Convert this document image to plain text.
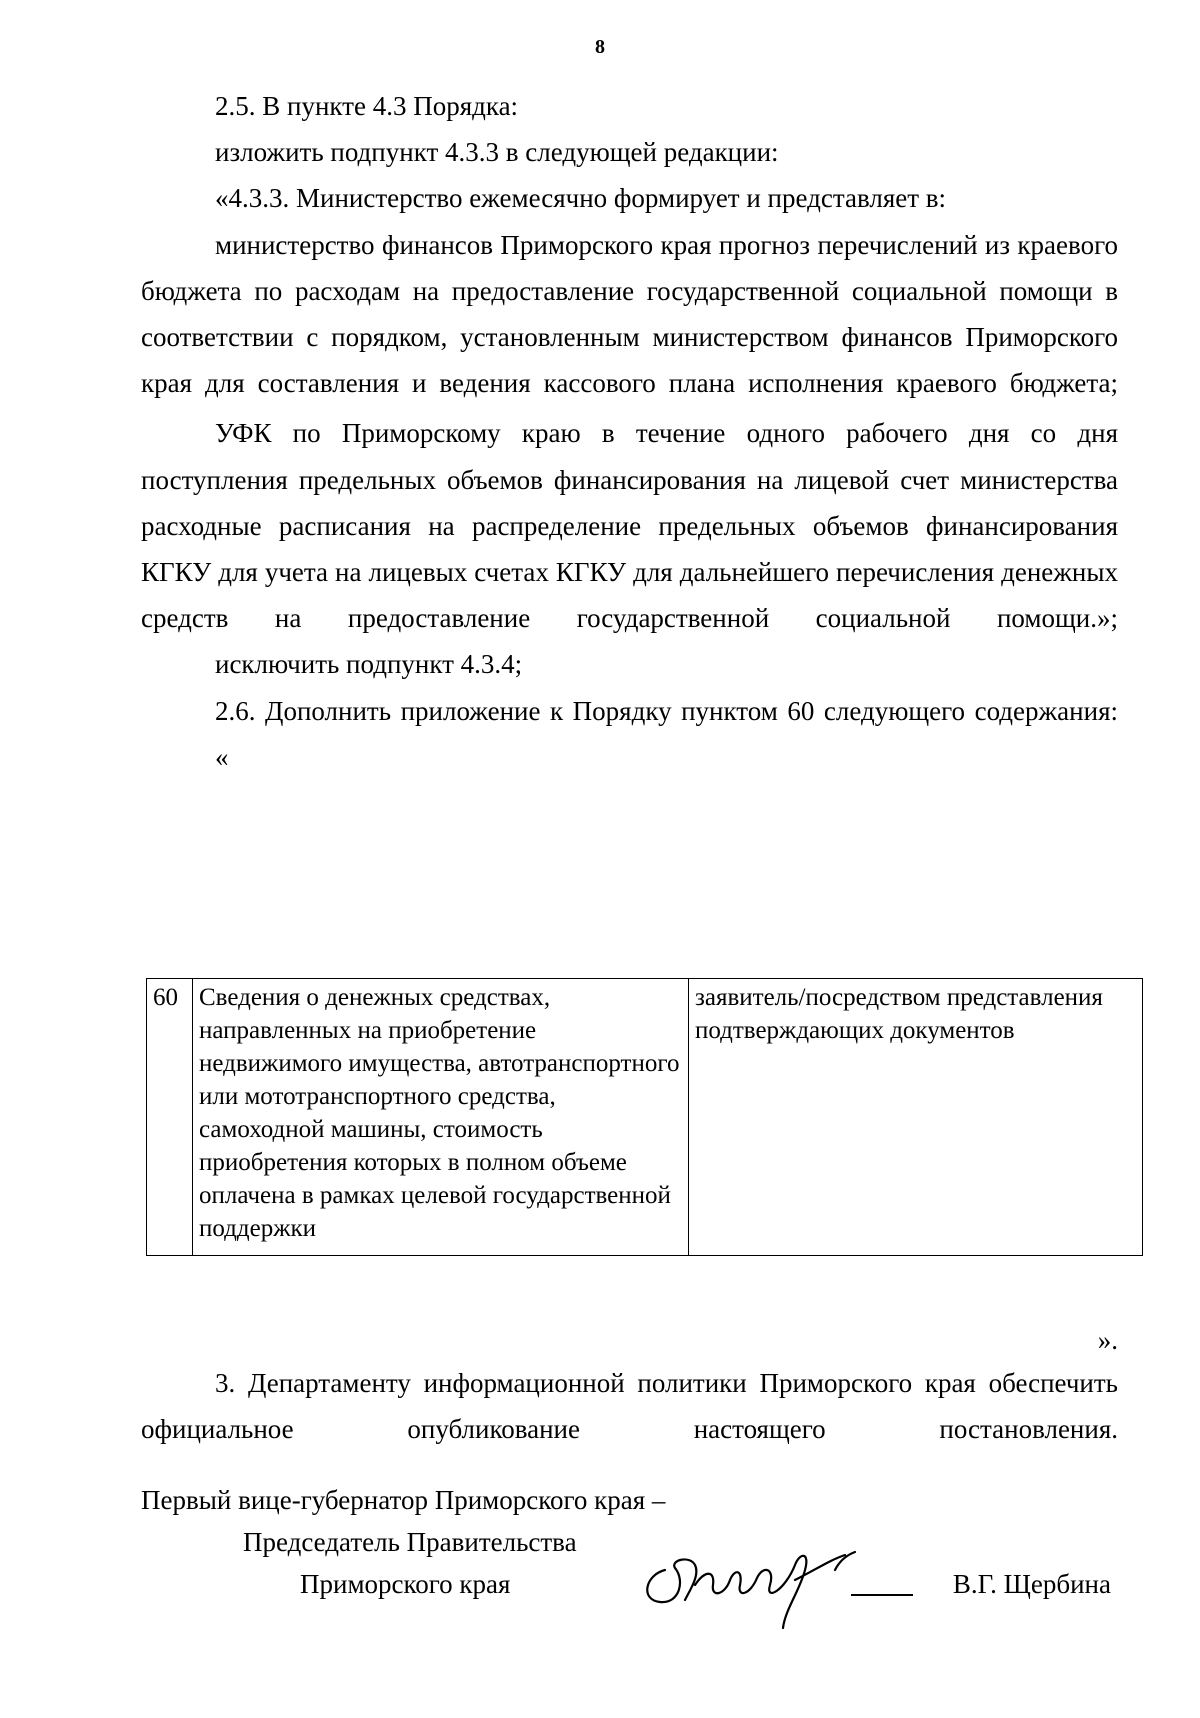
8

2.5. В пункте 4.3 Порядка:

изложить подпункт 4.3.3 в следующей редакции:

«4.3.3. Министерство ежемесячно формирует и представляет в:

министерство финансов Приморского края прогноз перечислений из краевого бюджета по расходам на предоставление государственной социальной помощи в соответствии с порядком, установленным министерством финансов Приморского края для составления и ведения кассового плана исполнения краевого бюджета;

УФК по Приморскому краю в течение одного рабочего дня со дня поступления предельных объемов финансирования на лицевой счет министерства расходные расписания на распределение предельных объемов финансирования КГКУ для учета на лицевых счетах КГКУ для дальнейшего перечисления денежных средств на предоставление государственной социальной помощи.»;

исключить подпункт 4.3.4;

2.6. Дополнить приложение к Порядку пунктом 60 следующего содержания:

«

60	Сведения о денежных средствах, направленных на приобретение недвижимого имущества, автотранспортного или мототранспортного средства, самоходной машины, стоимость приобретения которых в полном объеме оплачена в рамках целевой государственной поддержки	заявитель/посредством представления подтверждающих документов

».

3. Департаменту информационной политики Приморского края обеспечить официальное опубликование настоящего постановления.

Первый вице-губернатор Приморского края –
Председатель Правительства
Приморского края	В.Г. Щербина
